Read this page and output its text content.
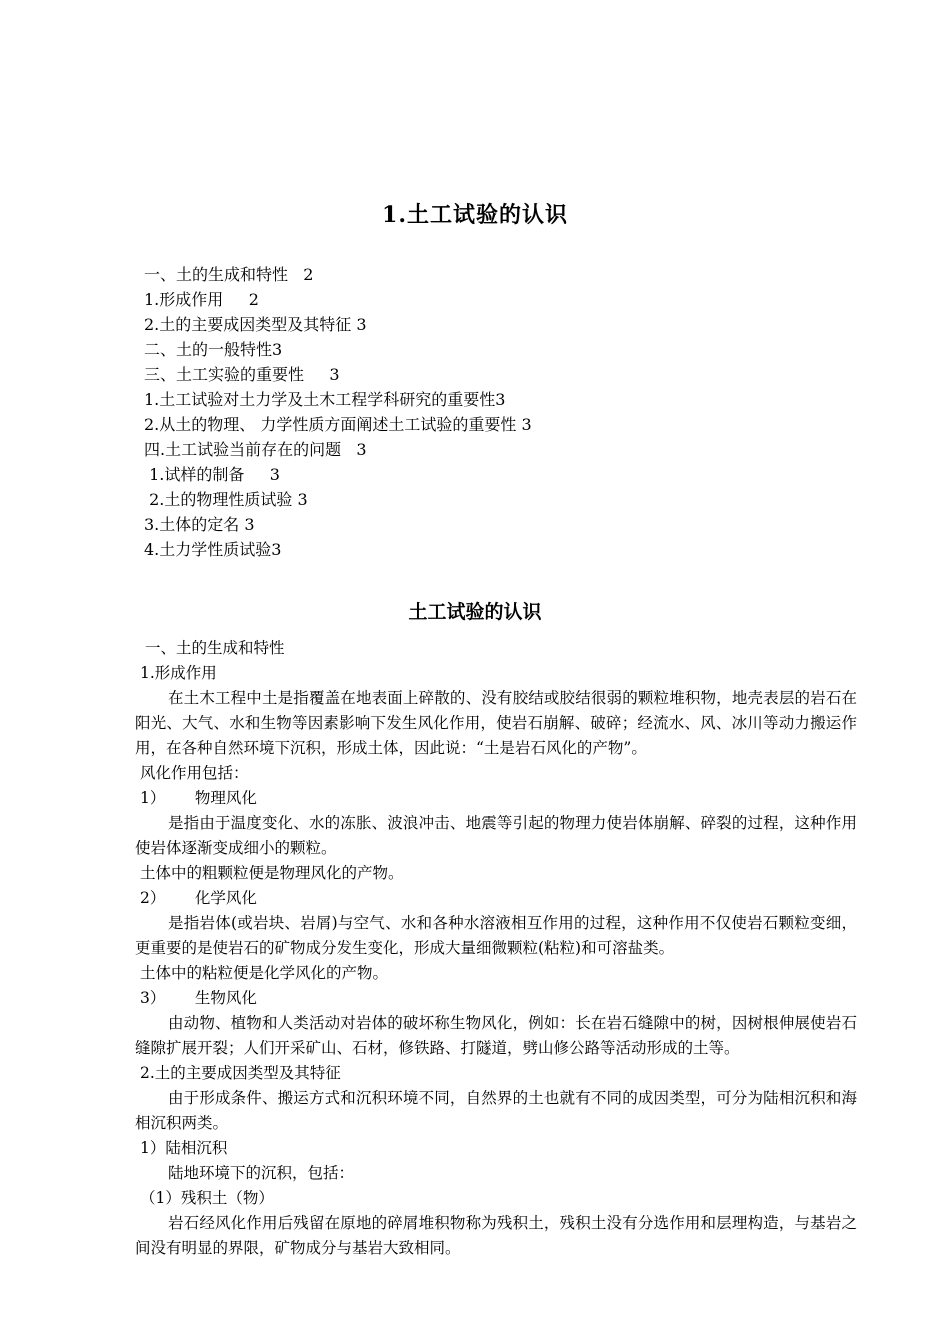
1.土工试验的认识
一、土的生成和特性   2
1.形成作用     2
2.土的主要成因类型及其特征 3
二、土的一般特性3
三、土工实验的重要性     3
1.土工试验对土力学及土木工程学科研究的重要性3
2.从土的物理、 力学性质方面阐述土工试验的重要性 3
四.土工试验当前存在的问题   3
1.试样的制备     3
2.土的物理性质试验 3
3.土体的定名 3
4.土力学性质试验3
土工试验的认识

一、土的生成和特性

1.形成作用

在土木工程中土是指覆盖在地表面上碎散的、没有胶结或胶结很弱的颗粒堆积物，地壳表层的岩石在阳光、大气、水和生物等因素影响下发生风化作用，使岩石崩解、破碎；经流水、风、冰川等动力搬运作用，在各种自然环境下沉积，形成土体，因此说：“土是岩石风化的产物”。

风化作用包括：

1）      物理风化

是指由于温度变化、水的冻胀、波浪冲击、地震等引起的物理力使岩体崩解、碎裂的过程，这种作用使岩体逐渐变成细小的颗粒。

土体中的粗颗粒便是物理风化的产物。

2）      化学风化

是指岩体(或岩块、岩屑)与空气、水和各种水溶液相互作用的过程，这种作用不仅使岩石颗粒变细，更重要的是使岩石的矿物成分发生变化，形成大量细微颗粒(粘粒)和可溶盐类。

土体中的粘粒便是化学风化的产物。

3）      生物风化

由动物、植物和人类活动对岩体的破坏称生物风化，例如：长在岩石缝隙中的树，因树根伸展使岩石缝隙扩展开裂；人们开采矿山、石材，修铁路、打隧道，劈山修公路等活动形成的土等。

2.土的主要成因类型及其特征

由于形成条件、搬运方式和沉积环境不同，自然界的土也就有不同的成因类型，可分为陆相沉积和海相沉积两类。

1）陆相沉积

陆地环境下的沉积，包括：

（1）残积土（物）

岩石经风化作用后残留在原地的碎屑堆积物称为残积土，残积土没有分选作用和层理构造，与基岩之间没有明显的界限，矿物成分与基岩大致相同。
